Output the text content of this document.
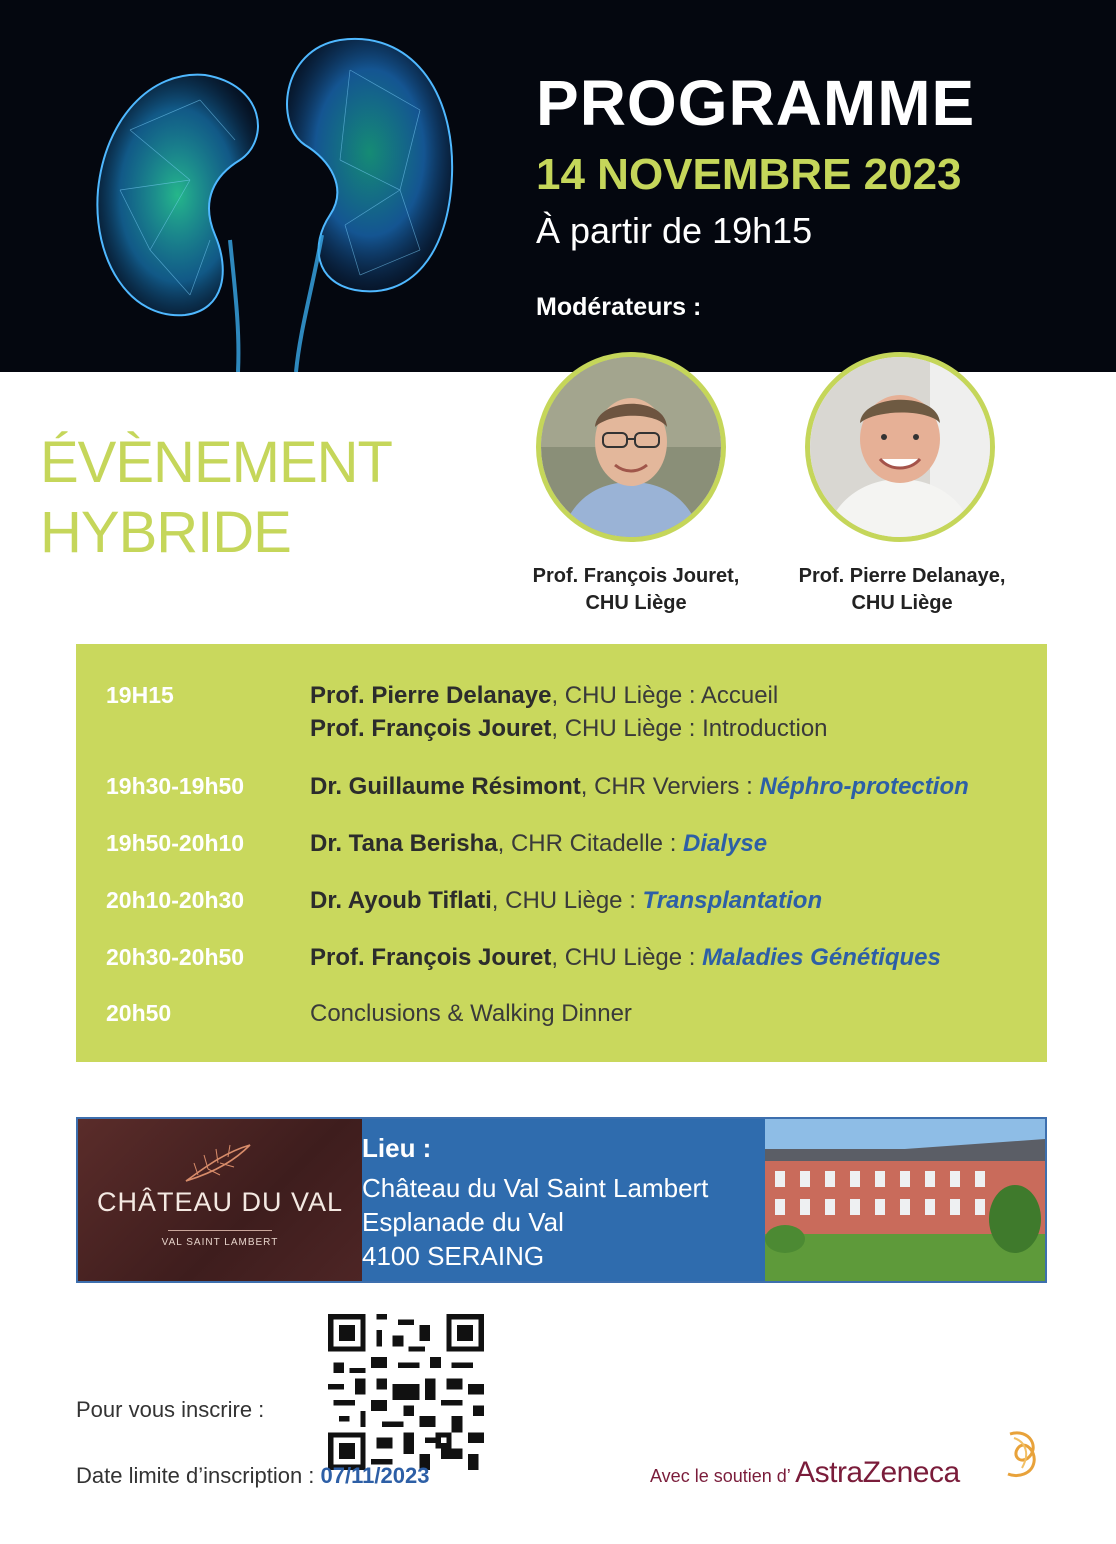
PROGRAMME
14 NOVEMBRE 2023
À partir de 19h15
Modérateurs :
ÉVÈNEMENT
HYBRIDE
Prof. François Jouret,
CHU Liège
Prof. Pierre Delanaye,
CHU Liège
19H15	Prof. Pierre Delanaye, CHU Liège : Accueil
Prof. François Jouret, CHU Liège : Introduction
19h30-19h50	Dr. Guillaume Résimont, CHR Verviers : Néphro-protection
19h50-20h10	Dr. Tana Berisha, CHR Citadelle : Dialyse
20h10-20h30	Dr. Ayoub Tiflati, CHU Liège : Transplantation
20h30-20h50	Prof. François Jouret, CHU Liège : Maladies Génétiques
20h50	Conclusions & Walking Dinner
CHÂTEAU DU VAL
VAL SAINT LAMBERT
Lieu :
Château du Val Saint Lambert
Esplanade du Val
4100 SERAING
Pour vous inscrire :
Date limite d’inscription : 07/11/2023	Avec le soutien d’ AstraZeneca
